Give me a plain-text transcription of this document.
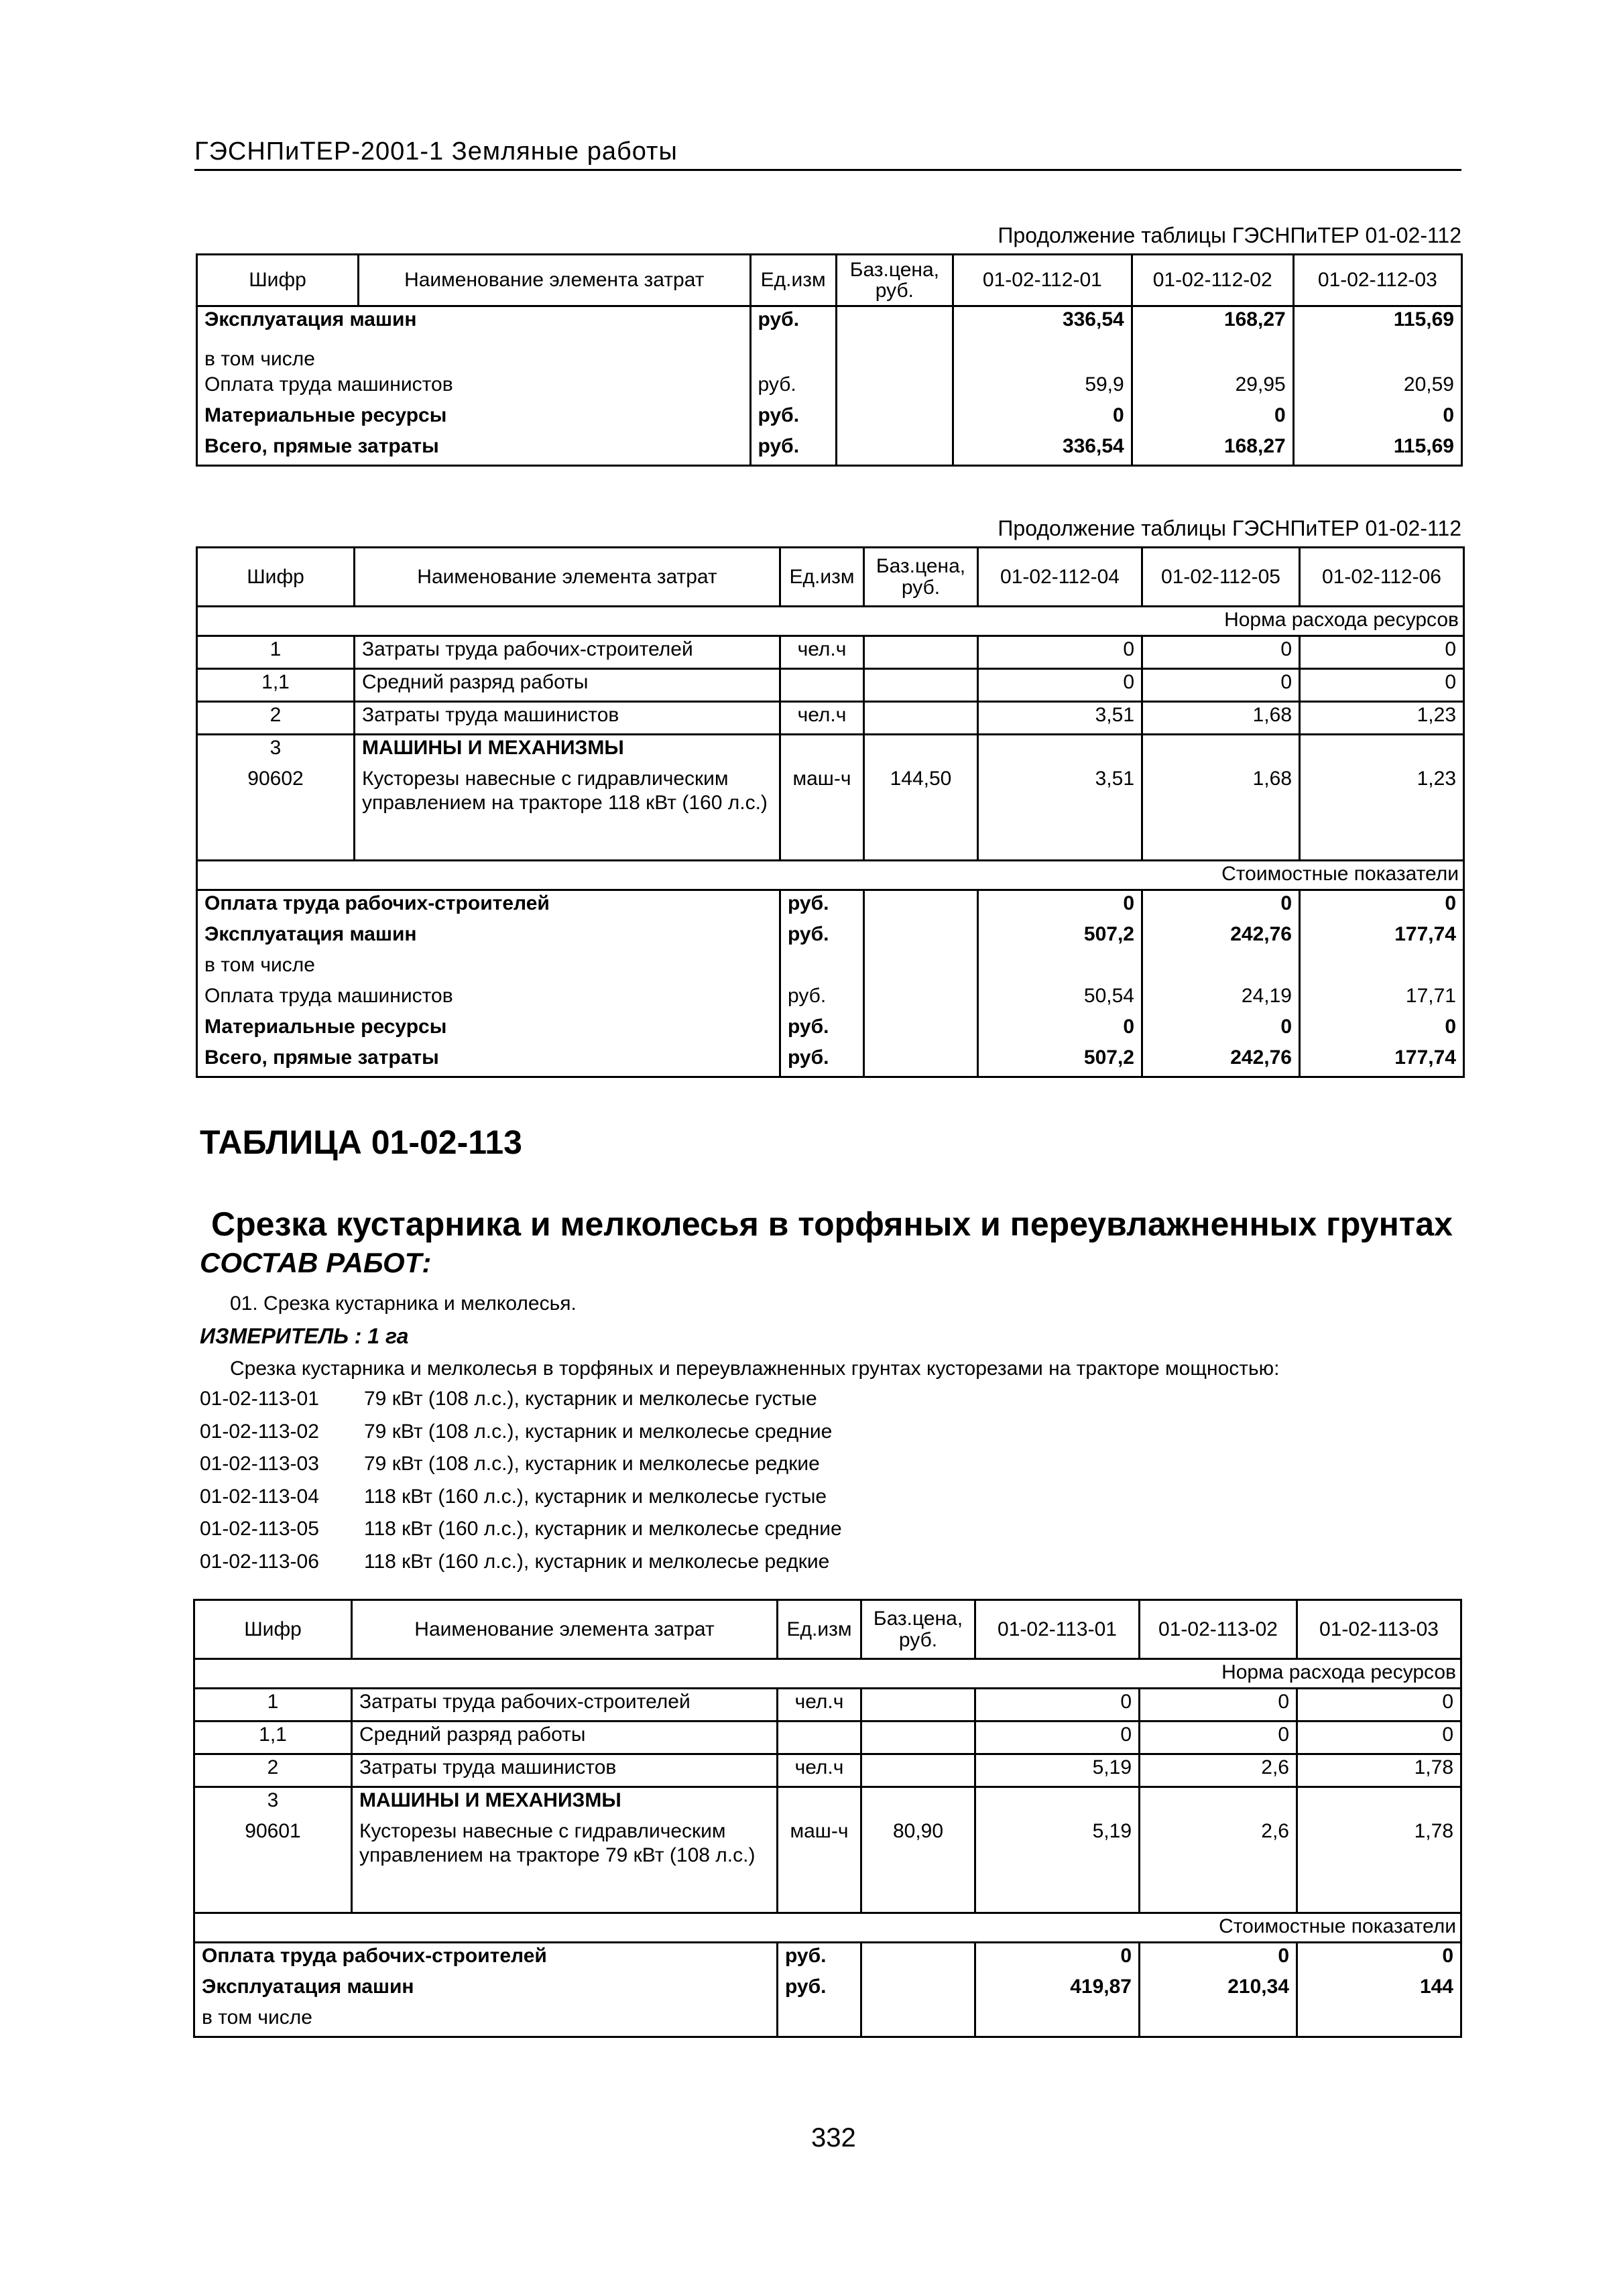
ГЭСНПиТЕР-2001-1 Земляные работы
Продолжение таблицы ГЭСНПиТЕР 01-02-112
Шифр	Наименование элемента затрат	Ед.изм	Баз.цена, руб.	01-02-112-01	01-02-112-02	01-02-112-03
Эксплуатация машин		руб.		336,54	168,27	115,69
в том числе						
Оплата труда машинистов		руб.		59,9	29,95	20,59
Материальные ресурсы		руб.		0	0	0
Всего, прямые затраты		руб.		336,54	168,27	115,69
Продолжение таблицы ГЭСНПиТЕР 01-02-112
Шифр	Наименование элемента затрат	Ед.изм	Баз.цена, руб.	01-02-112-04	01-02-112-05	01-02-112-06
Норма расхода ресурсов						
1	Затраты труда рабочих-строителей	чел.ч		0	0	0
1,1	Средний разряд работы			0	0	0
2	Затраты труда машинистов	чел.ч		3,51	1,68	1,23
3	МАШИНЫ И МЕХАНИЗМЫ					
90602	Кусторезы навесные с гидравлическим управлением на тракторе 118 кВт (160 л.с.)	маш-ч	144,50	3,51	1,68	1,23
Стоимостные показатели						
Оплата труда рабочих-строителей		руб.		0	0	0
Эксплуатация машин		руб.		507,2	242,76	177,74
в том числе						
Оплата труда машинистов		руб.		50,54	24,19	17,71
Материальные ресурсы		руб.		0	0	0
Всего, прямые затраты		руб.		507,2	242,76	177,74
ТАБЛИЦА 01-02-113
Срезка кустарника и мелколесья в торфяных и переувлажненных грунтах
СОСТАВ РАБОТ:
01. Срезка кустарника и мелколесья.
ИЗМЕРИТЕЛЬ : 1 га
Срезка кустарника и мелколесья в торфяных и переувлажненных грунтах кусторезами на тракторе мощностью:
01-02-113-01 79 кВт (108 л.с.), кустарник и мелколесье густые
01-02-113-02 79 кВт (108 л.с.), кустарник и мелколесье средние
01-02-113-03 79 кВт (108 л.с.), кустарник и мелколесье редкие
01-02-113-04 118 кВт (160 л.с.), кустарник и мелколесье густые
01-02-113-05 118 кВт (160 л.с.), кустарник и мелколесье средние
01-02-113-06 118 кВт (160 л.с.), кустарник и мелколесье редкие
Шифр	Наименование элемента затрат	Ед.изм	Баз.цена, руб.	01-02-113-01	01-02-113-02	01-02-113-03
Норма расхода ресурсов						
1	Затраты труда рабочих-строителей	чел.ч		0	0	0
1,1	Средний разряд работы			0	0	0
2	Затраты труда машинистов	чел.ч		5,19	2,6	1,78
3	МАШИНЫ И МЕХАНИЗМЫ					
90601	Кусторезы навесные с гидравлическим управлением на тракторе 79 кВт (108 л.с.)	маш-ч	80,90	5,19	2,6	1,78
Стоимостные показатели						
Оплата труда рабочих-строителей		руб.		0	0	0
Эксплуатация машин		руб.		419,87	210,34	144
в том числе						
332
